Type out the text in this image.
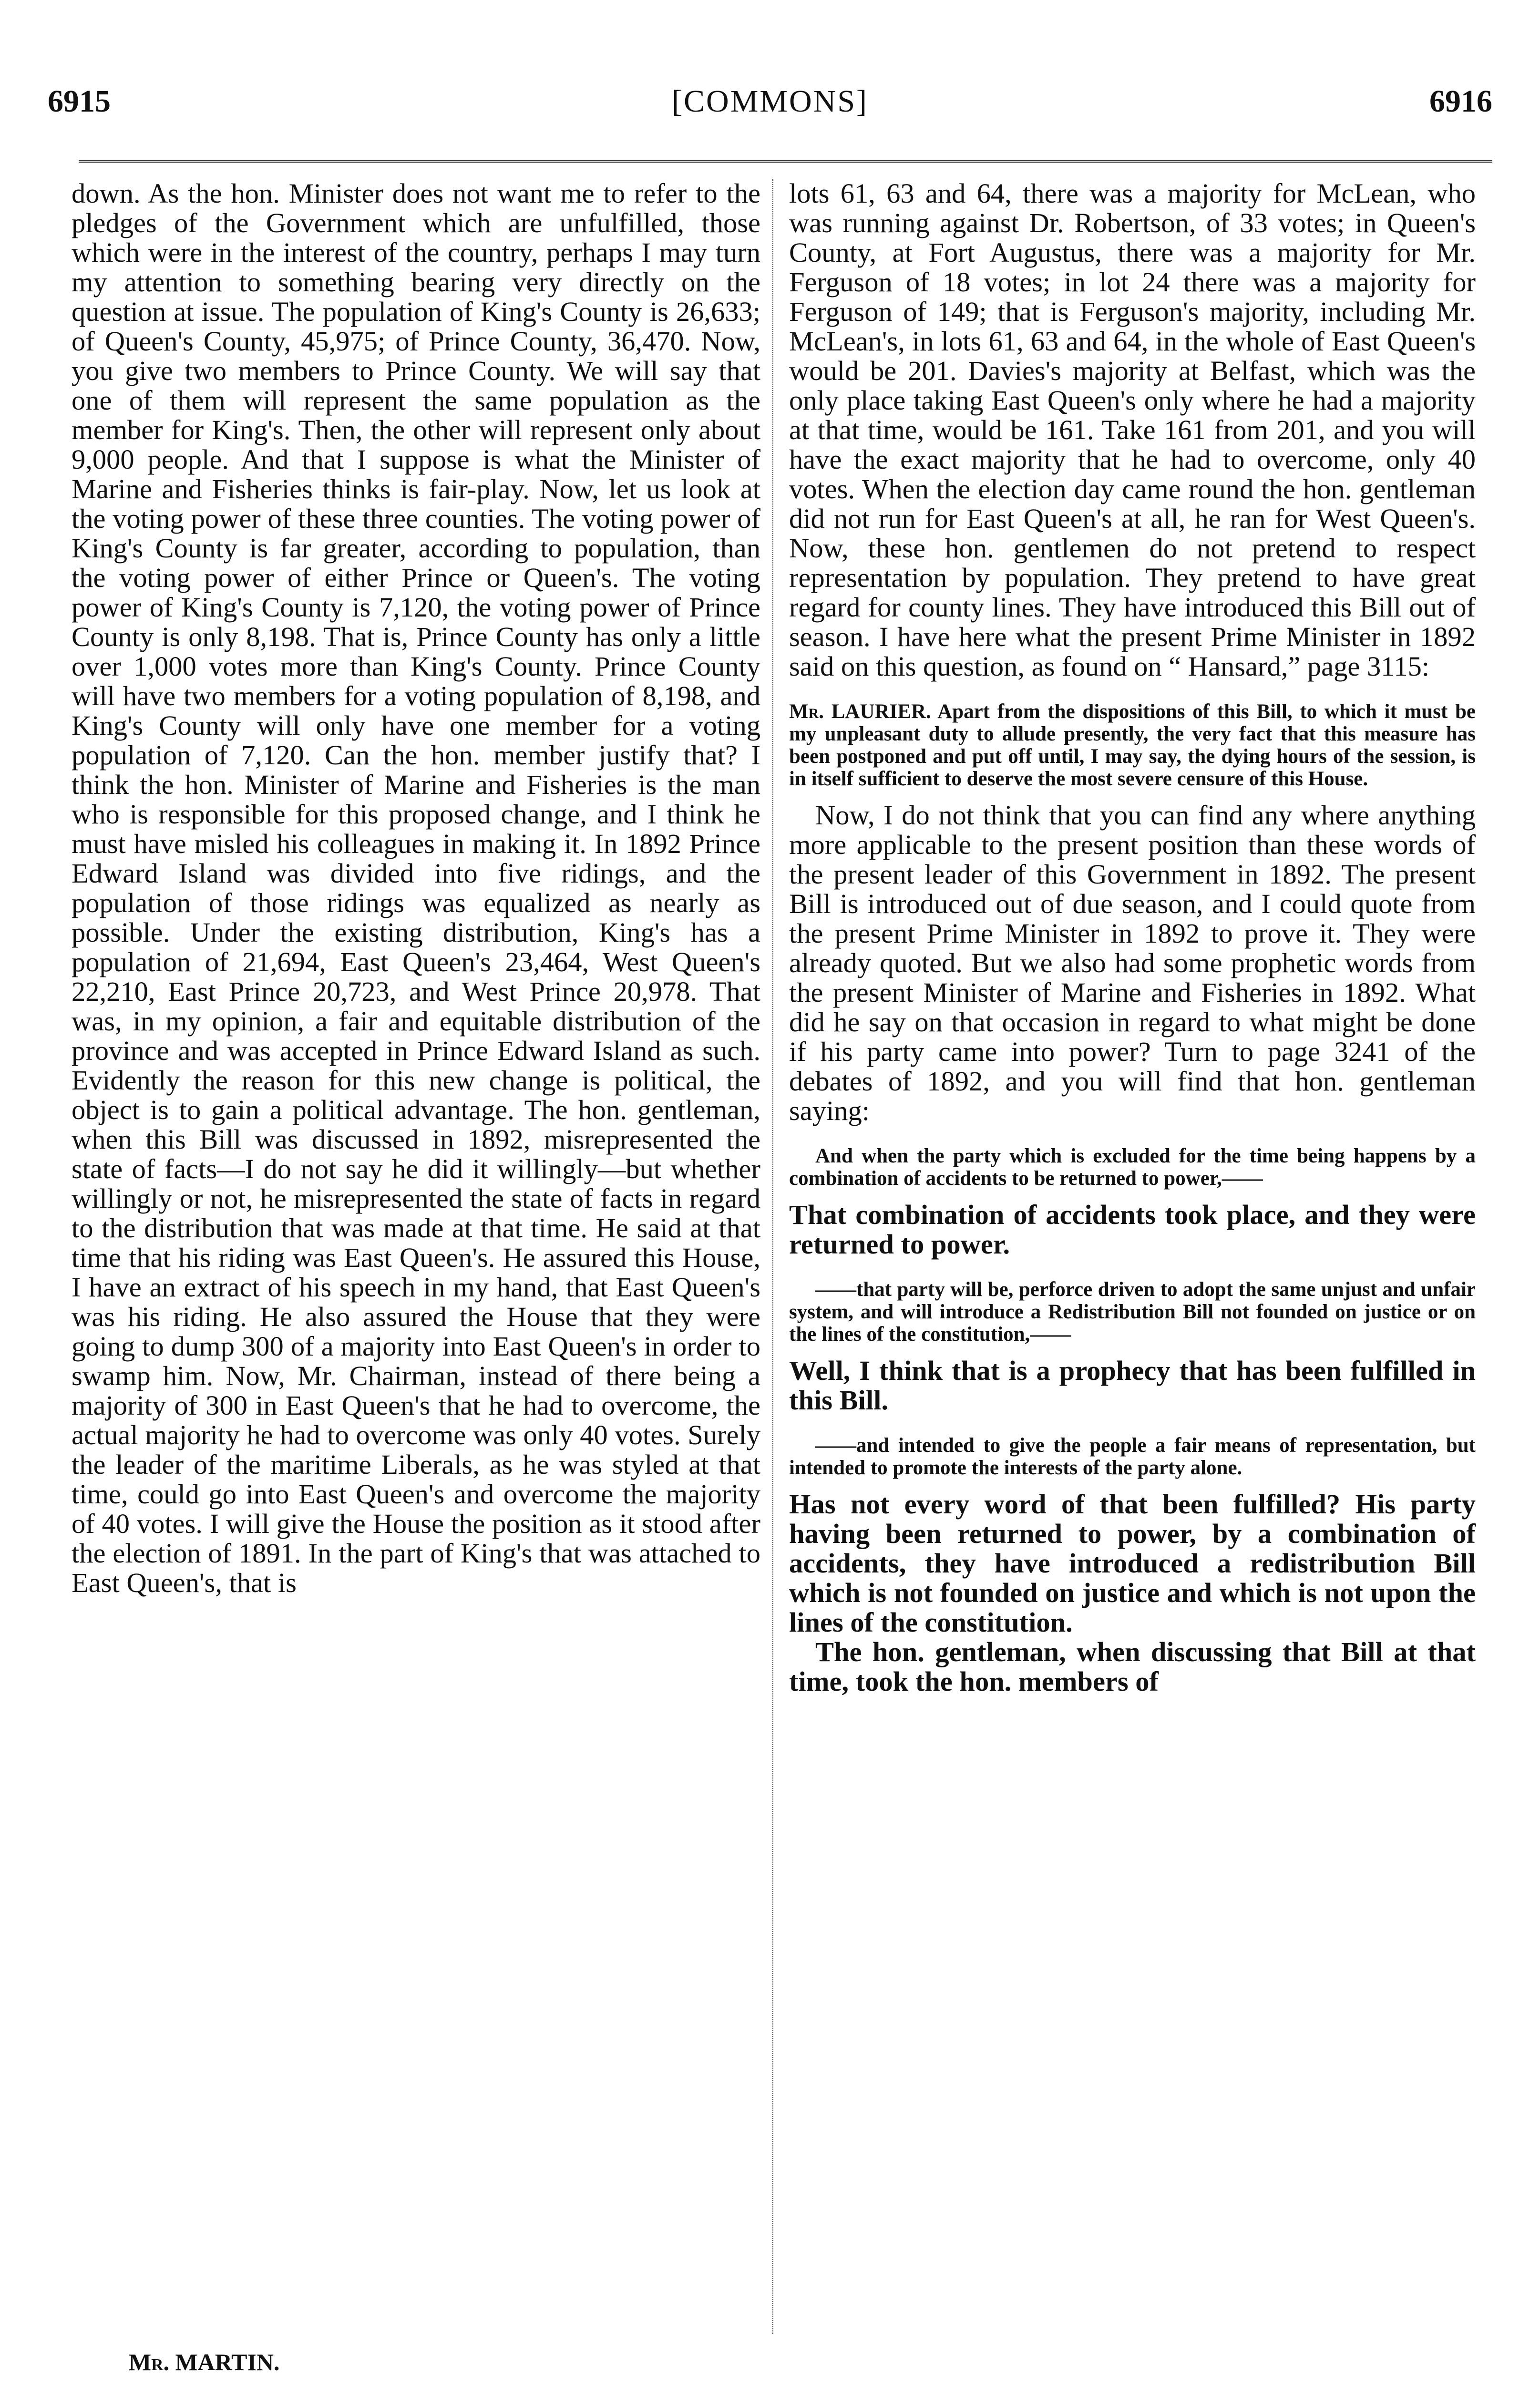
6915	[COMMONS]	6916

down. As the hon. Minister does not want me to refer to the pledges of the Government which are unfulfilled, those which were in the interest of the country, perhaps I may turn my attention to something bearing very directly on the question at issue. The population of King's County is 26,633; of Queen's County, 45,975; of Prince County, 36,470. Now, you give two members to Prince County. We will say that one of them will represent the same population as the member for King's. Then, the other will represent only about 9,000 people. And that I suppose is what the Minister of Marine and Fisheries thinks is fair-play. Now, let us look at the voting power of these three counties. The voting power of King's County is far greater, according to population, than the voting power of either Prince or Queen's. The voting power of King's County is 7,120, the voting power of Prince County is only 8,198. That is, Prince County has only a little over 1,000 votes more than King's County. Prince County will have two members for a voting population of 8,198, and King's County will only have one member for a voting population of 7,120. Can the hon. member justify that? I think the hon. Minister of Marine and Fisheries is the man who is responsible for this proposed change, and I think he must have misled his colleagues in making it. In 1892 Prince Edward Island was divided into five ridings, and the population of those ridings was equalized as nearly as possible. Under the existing distribution, King's has a population of 21,694, East Queen's 23,464, West Queen's 22,210, East Prince 20,723, and West Prince 20,978. That was, in my opinion, a fair and equitable distribution of the province and was accepted in Prince Edward Island as such. Evidently the reason for this new change is political, the object is to gain a political advantage. The hon. gentleman, when this Bill was discussed in 1892, misrepresented the state of facts—I do not say he did it willingly—but whether willingly or not, he misrepresented the state of facts in regard to the distribution that was made at that time. He said at that time that his riding was East Queen's. He assured this House, I have an extract of his speech in my hand, that East Queen's was his riding. He also assured the House that they were going to dump 300 of a majority into East Queen's in order to swamp him. Now, Mr. Chairman, instead of there being a majority of 300 in East Queen's that he had to overcome, the actual majority he had to overcome was only 40 votes. Surely the leader of the maritime Liberals, as he was styled at that time, could go into East Queen's and overcome the majority of 40 votes. I will give the House the position as it stood after the election of 1891. In the part of King's that was attached to East Queen's, that is

lots 61, 63 and 64, there was a majority for McLean, who was running against Dr. Robertson, of 33 votes; in Queen's County, at Fort Augustus, there was a majority for Mr. Ferguson of 18 votes; in lot 24 there was a majority for Ferguson of 149; that is Ferguson's majority, including Mr. McLean's, in lots 61, 63 and 64, in the whole of East Queen's would be 201. Davies's majority at Belfast, which was the only place taking East Queen's only where he had a majority at that time, would be 161. Take 161 from 201, and you will have the exact majority that he had to overcome, only 40 votes. When the election day came round the hon. gentleman did not run for East Queen's at all, he ran for West Queen's. Now, these hon. gentlemen do not pretend to respect representation by population. They pretend to have great regard for county lines. They have introduced this Bill out of season. I have here what the present Prime Minister in 1892 said on this question, as found on “ Hansard,” page 3115:

Mr. LAURIER. Apart from the dispositions of this Bill, to which it must be my unpleasant duty to allude presently, the very fact that this measure has been postponed and put off until, I may say, the dying hours of the session, is in itself sufficient to deserve the most severe censure of this House.

Now, I do not think that you can find any where anything more applicable to the present position than these words of the present leader of this Government in 1892. The present Bill is introduced out of due season, and I could quote from the present Prime Minister in 1892 to prove it. They were already quoted. But we also had some prophetic words from the present Minister of Marine and Fisheries in 1892. What did he say on that occasion in regard to what might be done if his party came into power? Turn to page 3241 of the debates of 1892, and you will find that hon. gentleman saying:

And when the party which is excluded for the time being happens by a combination of accidents to be returned to power,——

That combination of accidents took place, and they were returned to power.

——that party will be, perforce driven to adopt the same unjust and unfair system, and will introduce a Redistribution Bill not founded on justice or on the lines of the constitution,——

Well, I think that is a prophecy that has been fulfilled in this Bill.

——and intended to give the people a fair means of representation, but intended to promote the interests of the party alone.

Has not every word of that been fulfilled? His party having been returned to power, by a combination of accidents, they have introduced a redistribution Bill which is not founded on justice and which is not upon the lines of the constitution.

The hon. gentleman, when discussing that Bill at that time, took the hon. members of

Mr. MARTIN.
